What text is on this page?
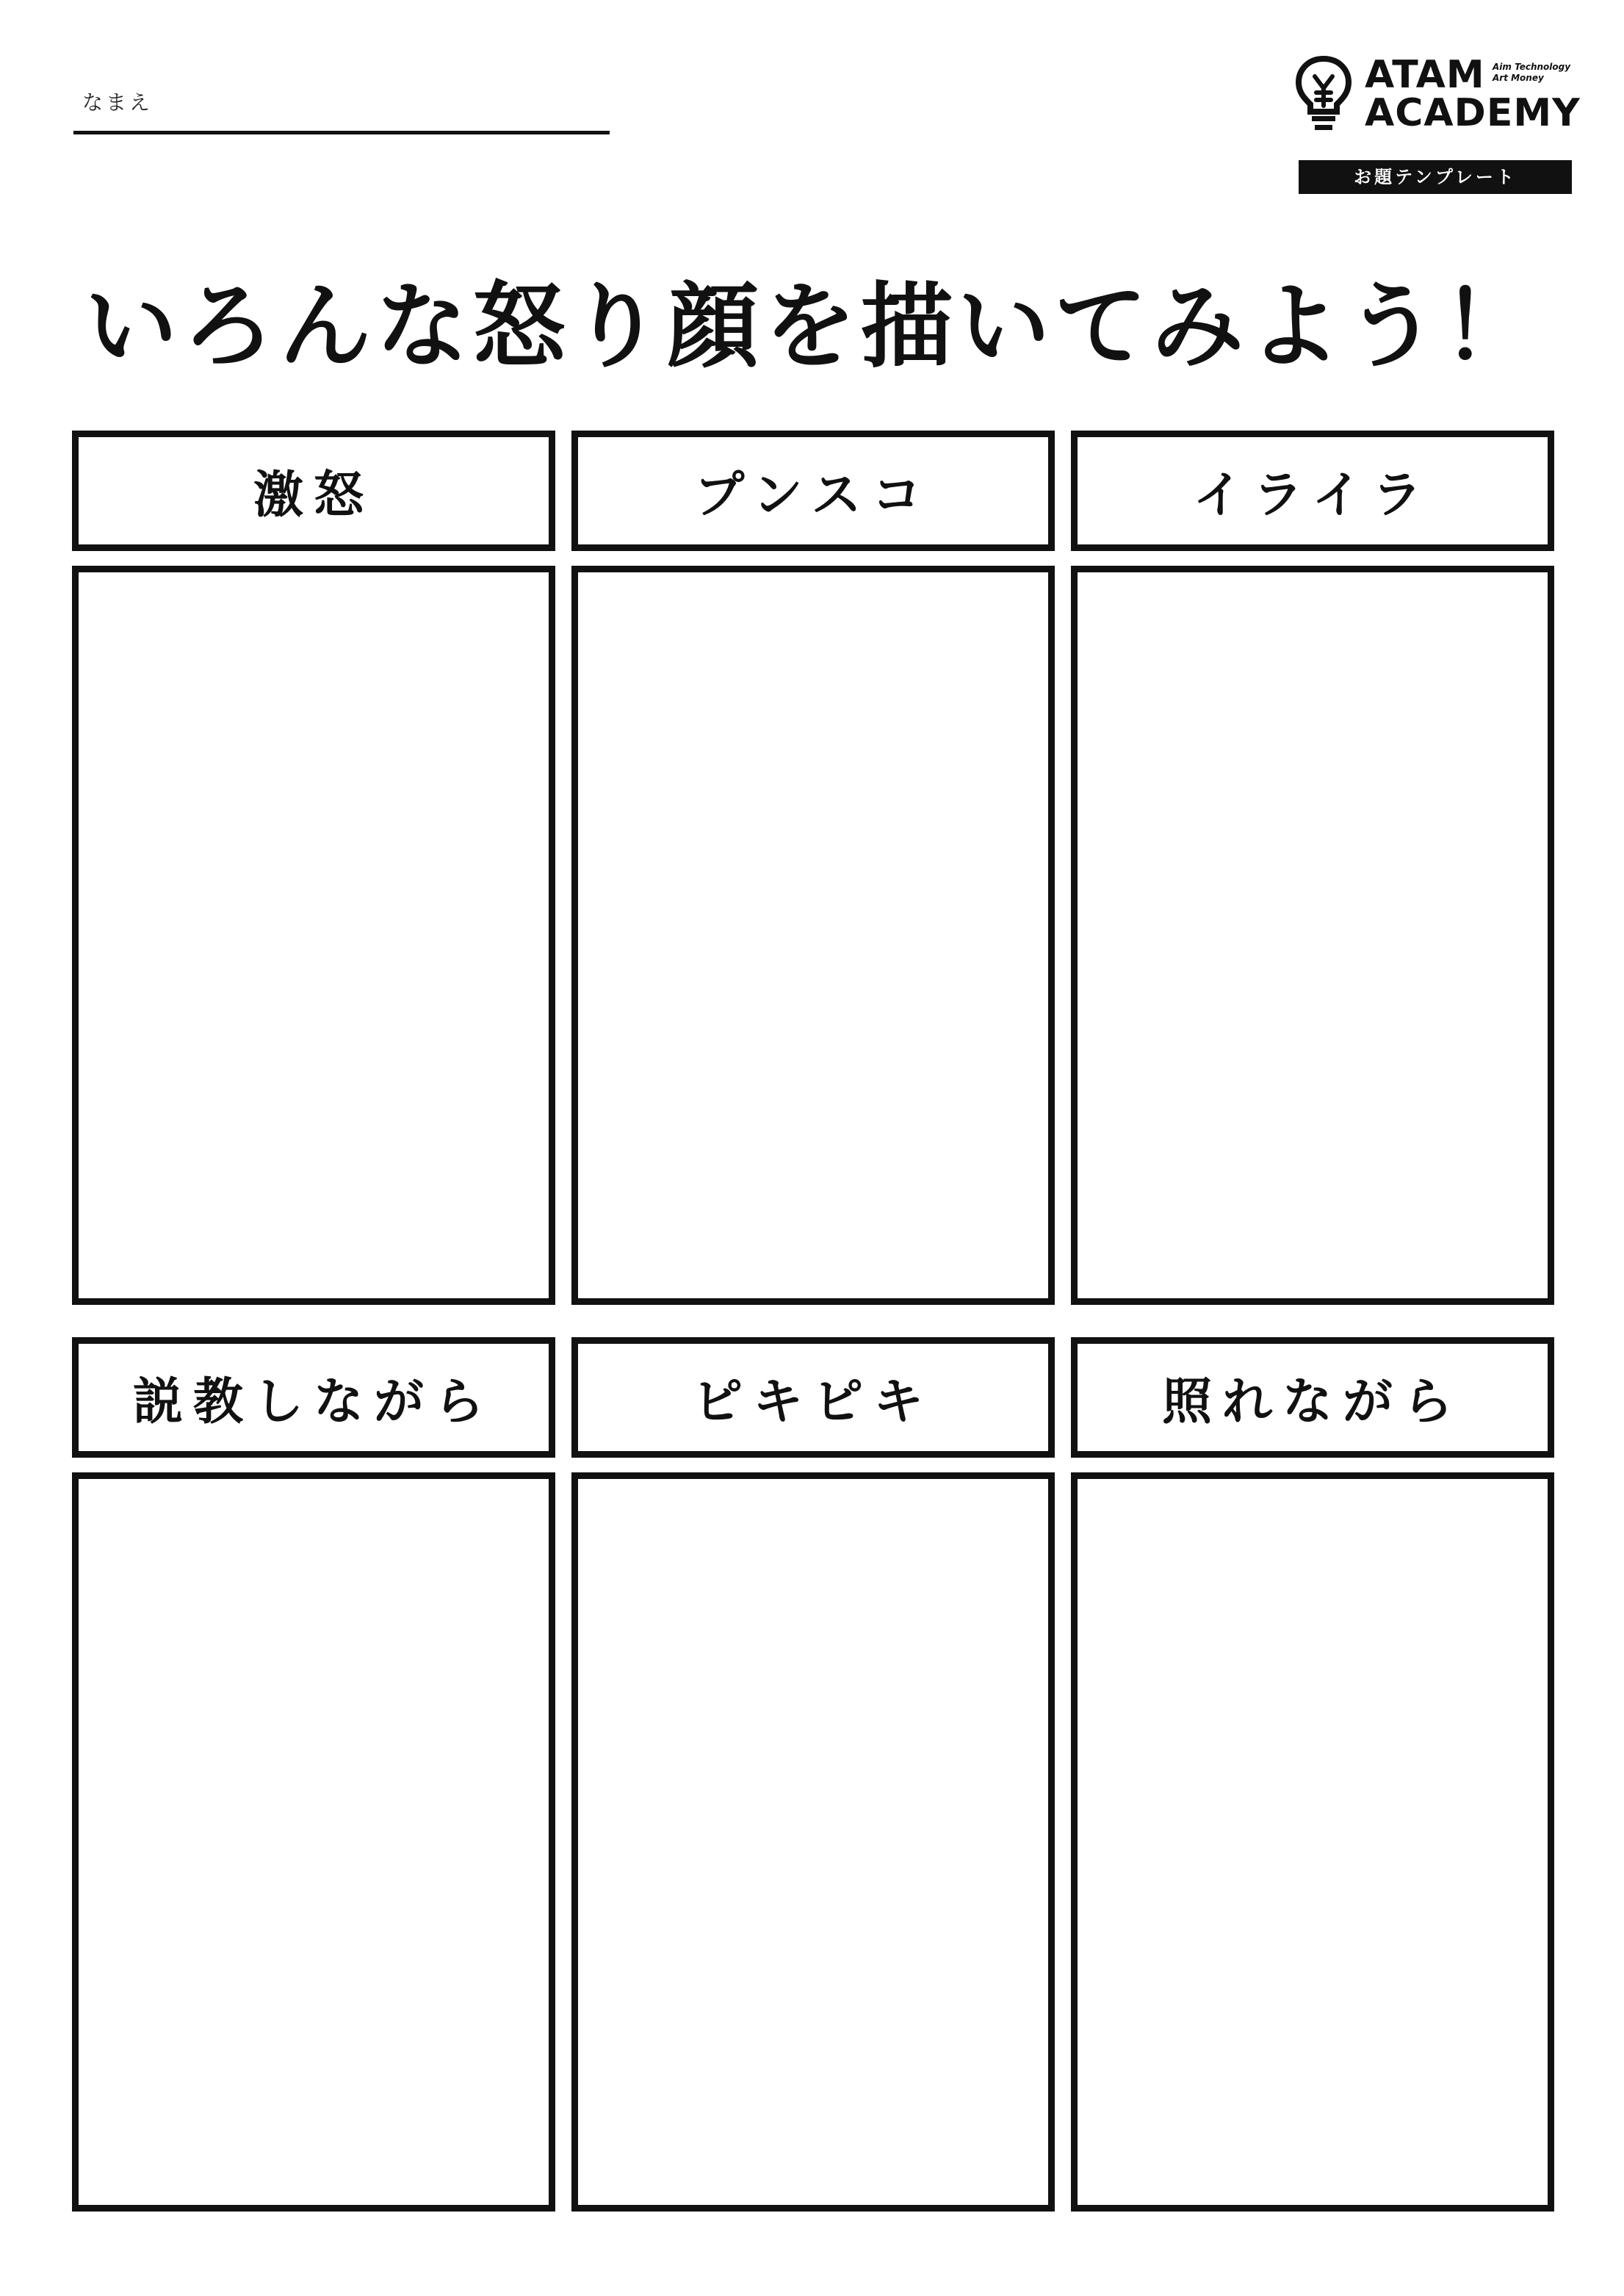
なまえ
ATAM
ACADEMY
Aim Technology
Art Money
お題テンプレート
いろんな怒り顔を描いてみよう！
激怒	プンスコ	イライラ
説教しながら	ピキピキ	照れながら
